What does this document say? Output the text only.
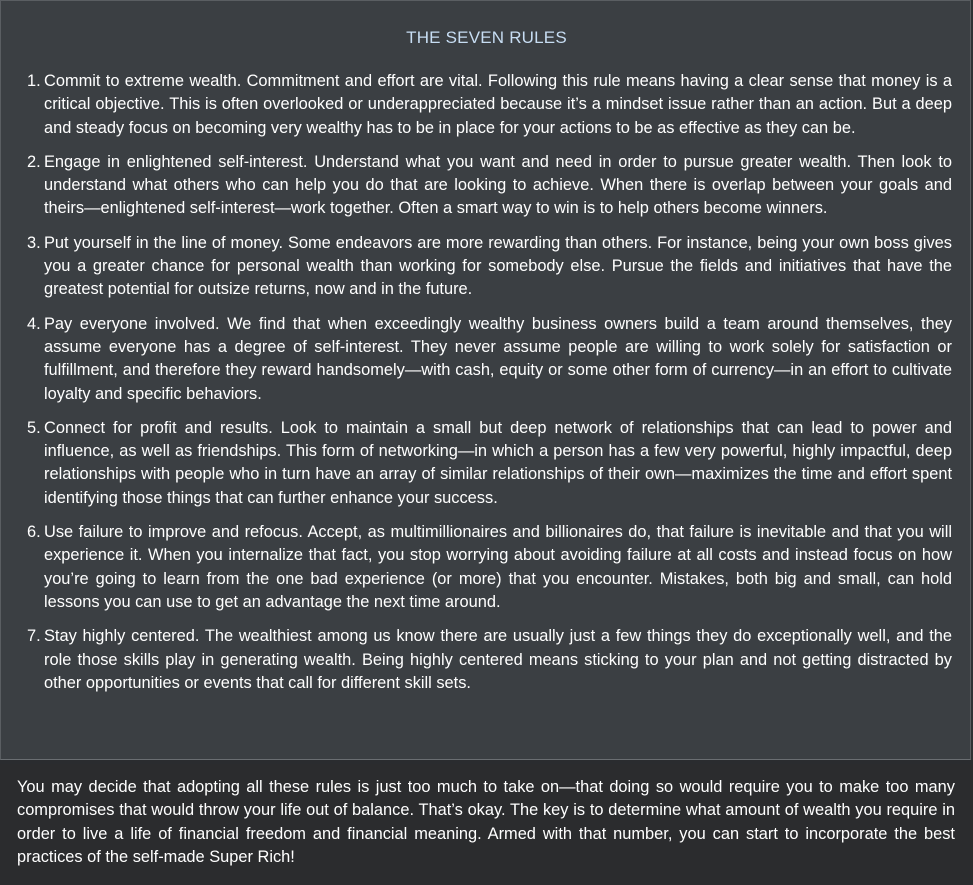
THE SEVEN RULES
1. Commit to extreme wealth. Commitment and effort are vital. Following this rule means having a clear sense that money is a critical objective. This is often overlooked or underappreciated because it’s a mindset issue rather than an action. But a deep and steady focus on becoming very wealthy has to be in place for your actions to be as effective as they can be.
2. Engage in enlightened self-interest. Understand what you want and need in order to pursue greater wealth. Then look to understand what others who can help you do that are looking to achieve. When there is overlap between your goals and theirs—enlightened self-interest—work together. Often a smart way to win is to help others become winners.
3. Put yourself in the line of money. Some endeavors are more rewarding than others. For instance, being your own boss gives you a greater chance for personal wealth than working for somebody else. Pursue the fields and initiatives that have the greatest potential for outsize returns, now and in the future.
4. Pay everyone involved. We find that when exceedingly wealthy business owners build a team around themselves, they assume everyone has a degree of self-interest. They never assume people are willing to work solely for satisfaction or fulfillment, and therefore they reward handsomely—with cash, equity or some other form of currency—in an effort to cultivate loyalty and specific behaviors.
5. Connect for profit and results. Look to maintain a small but deep network of relationships that can lead to power and influence, as well as friendships. This form of networking—in which a person has a few very powerful, highly impactful, deep relationships with people who in turn have an array of similar relationships of their own—maximizes the time and effort spent identifying those things that can further enhance your success.
6. Use failure to improve and refocus. Accept, as multimillionaires and billionaires do, that failure is inevitable and that you will experience it. When you internalize that fact, you stop worrying about avoiding failure at all costs and instead focus on how you’re going to learn from the one bad experience (or more) that you encounter. Mistakes, both big and small, can hold lessons you can use to get an advantage the next time around.
7. Stay highly centered. The wealthiest among us know there are usually just a few things they do exceptionally well, and the role those skills play in generating wealth. Being highly centered means sticking to your plan and not getting distracted by other opportunities or events that call for different skill sets.

You may decide that adopting all these rules is just too much to take on—that doing so would require you to make too many compromises that would throw your life out of balance. That’s okay. The key is to determine what amount of wealth you require in order to live a life of financial freedom and financial meaning. Armed with that number, you can start to incorporate the best practices of the self-made Super Rich!
